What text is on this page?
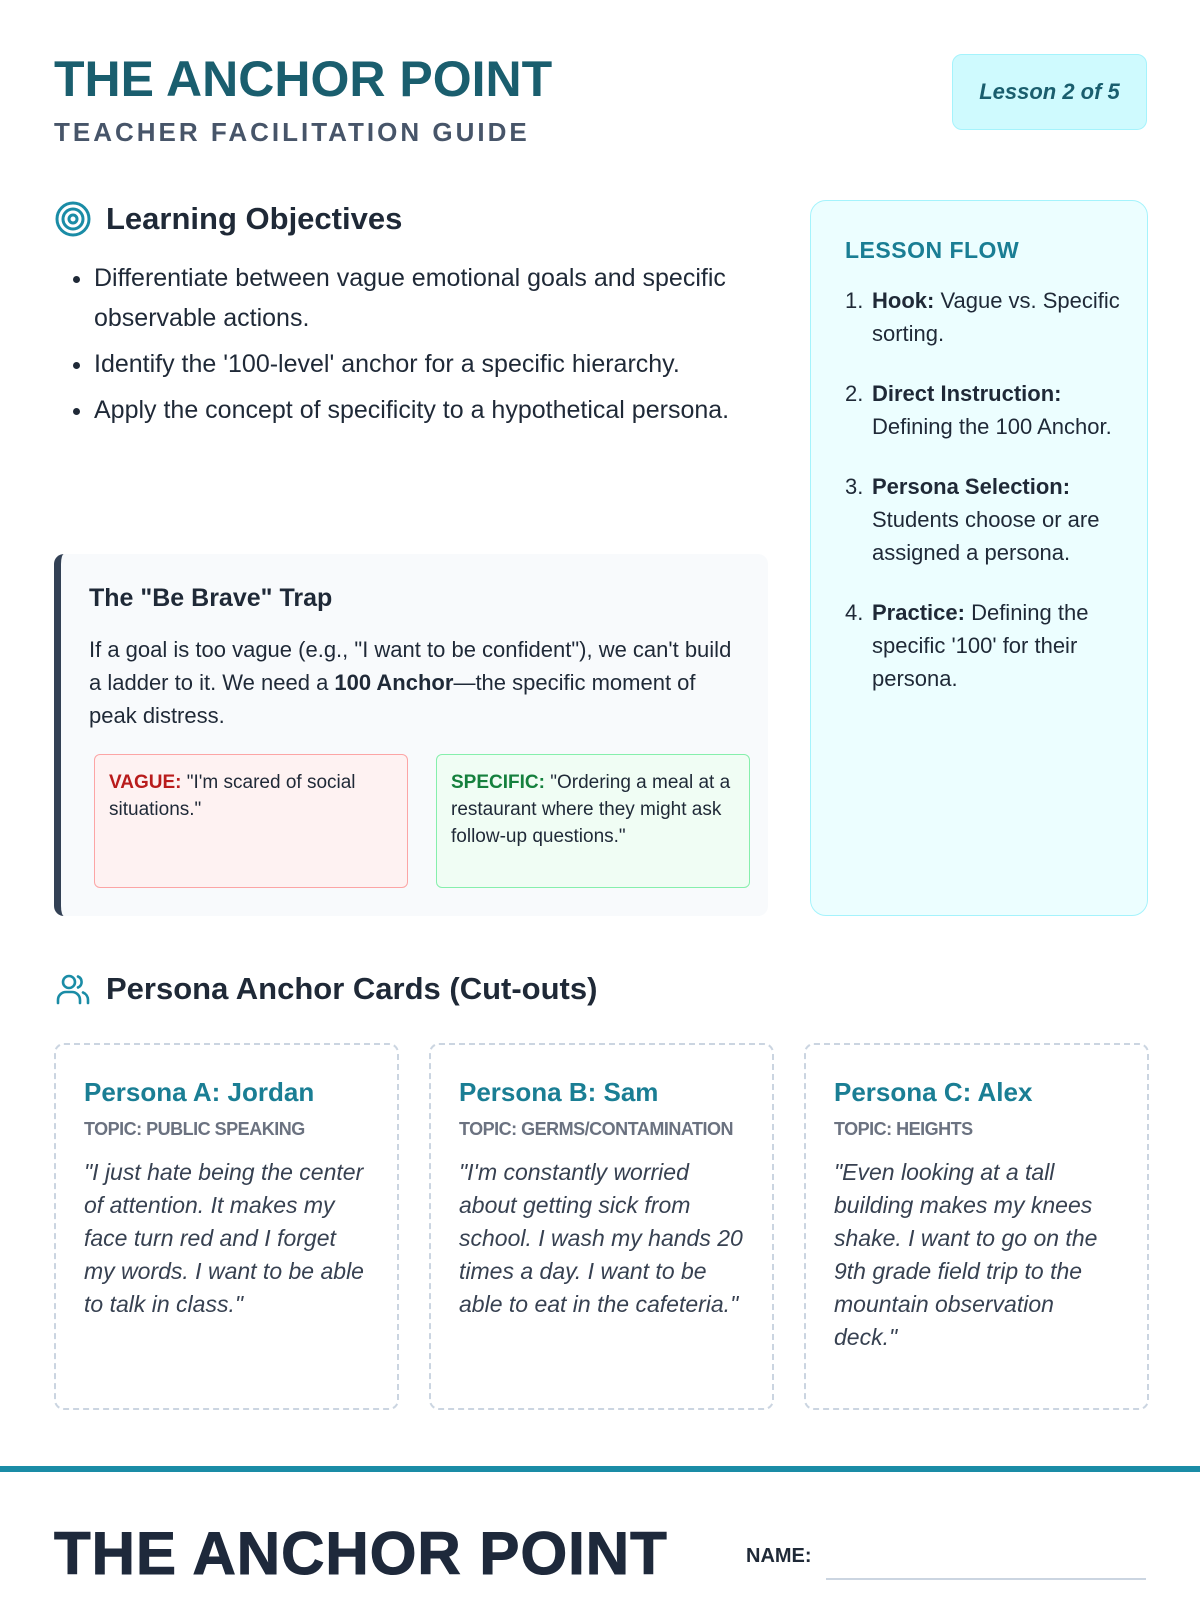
THE ANCHOR POINT
TEACHER FACILITATION GUIDE
Lesson 2 of 5
Learning Objectives
• Differentiate between vague emotional goals and specific observable actions.
• Identify the '100-level' anchor for a specific hierarchy.
• Apply the concept of specificity to a hypothetical persona.
The "Be Brave" Trap
If a goal is too vague (e.g., "I want to be confident"), we can't build a ladder to it. We need a 100 Anchor—the specific moment of peak distress.
VAGUE: "I'm scared of social situations."
SPECIFIC: "Ordering a meal at a restaurant where they might ask follow-up questions."
LESSON FLOW
1. Hook: Vague vs. Specific sorting.
2. Direct Instruction: Defining the 100 Anchor.
3. Persona Selection: Students choose or are assigned a persona.
4. Practice: Defining the specific '100' for their persona.
Persona Anchor Cards (Cut-outs)
Persona A: Jordan
TOPIC: PUBLIC SPEAKING
"I just hate being the center of attention. It makes my face turn red and I forget my words. I want to be able to talk in class."
Persona B: Sam
TOPIC: GERMS/CONTAMINATION
"I'm constantly worried about getting sick from school. I wash my hands 20 times a day. I want to be able to eat in the cafeteria."
Persona C: Alex
TOPIC: HEIGHTS
"Even looking at a tall building makes my knees shake. I want to go on the 9th grade field trip to the mountain observation deck."
THE ANCHOR POINT	NAME:
